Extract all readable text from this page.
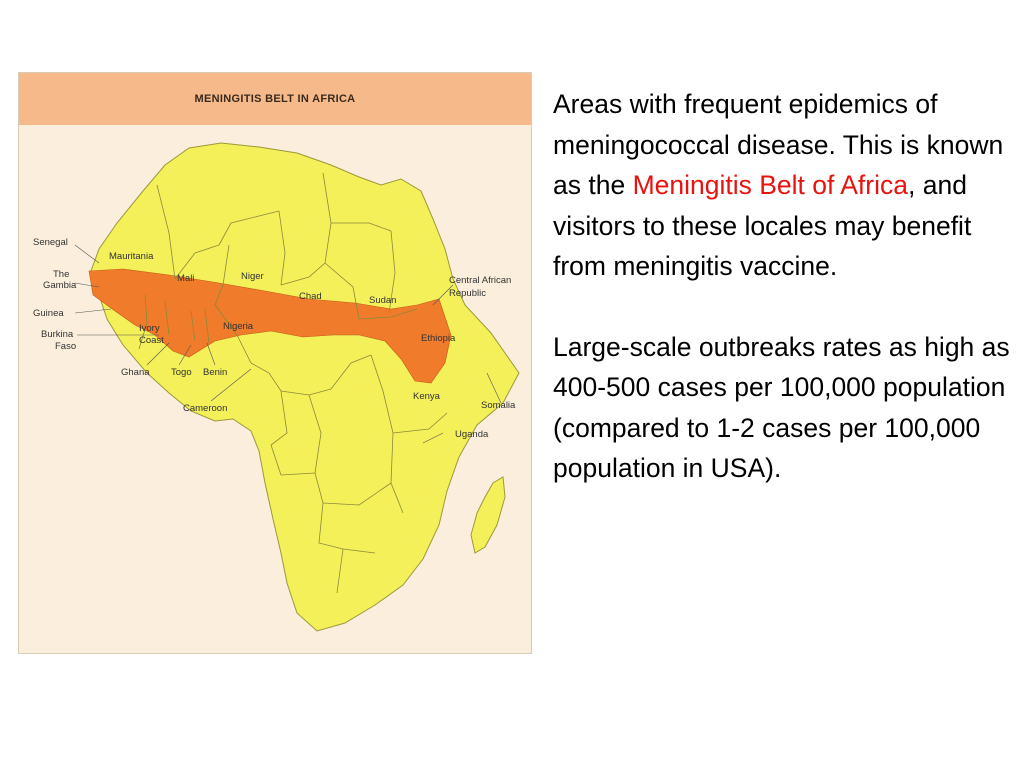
MENINGITIS BELT IN AFRICA
Senegal
Mauritania
The
Gambia
Guinea
Burkina
Faso
Ghana Togo Benin
Cameroon
Mali	Niger
Chad	Sudan
Nigeria
Ivory
Coast	Ethiopia
Kenya
Central African
Republic
Somalia
Uganda

Areas with frequent epidemics of meningococcal disease. This is known as the Meningitis Belt of Africa, and visitors to these locales may benefit from meningitis vaccine.

Large-scale outbreaks rates as high as 400-500 cases per 100,000 population (compared to 1-2 cases per 100,000 population in USA).
